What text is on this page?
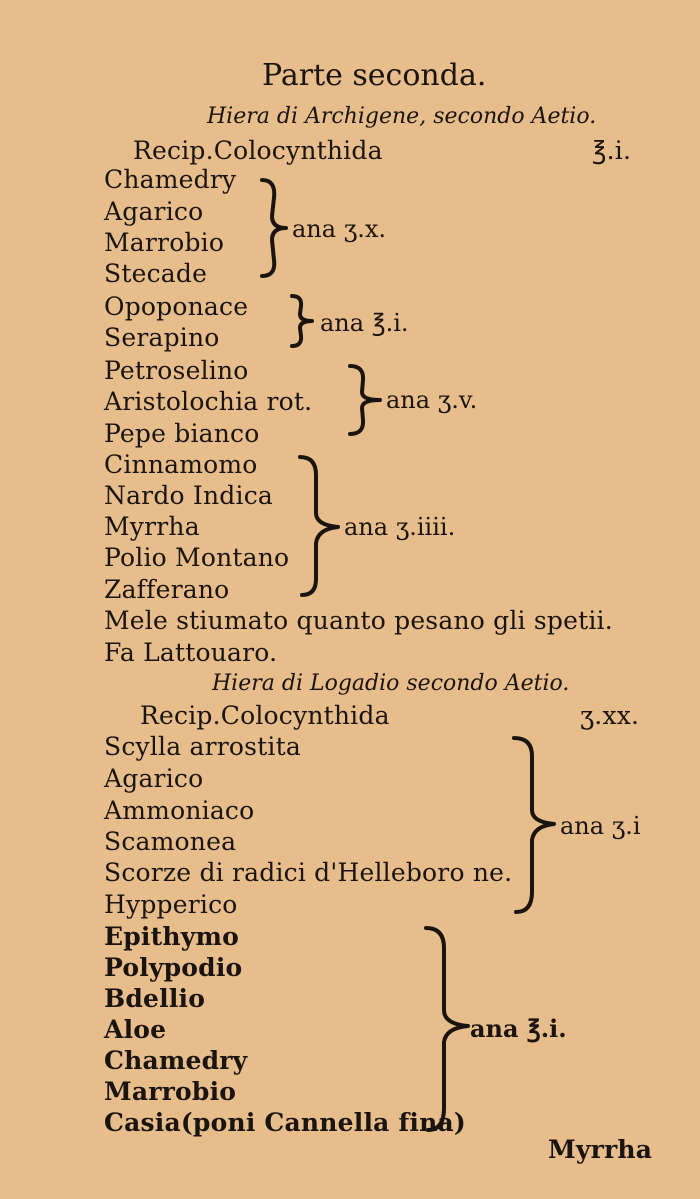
Parte seconda.
Hiera di Archigene, secondo Aetio.
Recip.Colocynthida	℥.i.
Chamedry
Agarico
Marrobio
Stecade
ana ʒ.x.
Opoponace
Serapino	ana ℥.i.
Petroselino
Aristolochia rot.
Pepe bianco
ana ʒ.v.
Cinnamomo
Nardo Indica
Myrrha
Polio Montano
Zafferano
ana ʒ.iiii.
Mele stiumato quanto pesano gli spetii.
Fa Lattouaro.
Hiera di Logadio secondo Aetio.
Recip.Colocynthida	ʒ.xx.
Scylla arrostita
Agarico
Ammoniaco
Scamonea
Scorze di radici d'Helleboro ne.
Hypperico
ana ʒ.i
Epithymo
Polypodio
Bdellio
Aloe
Chamedry
Marrobio
Casia(poni Cannella fina)
ana ℥.i.
Myrrha
